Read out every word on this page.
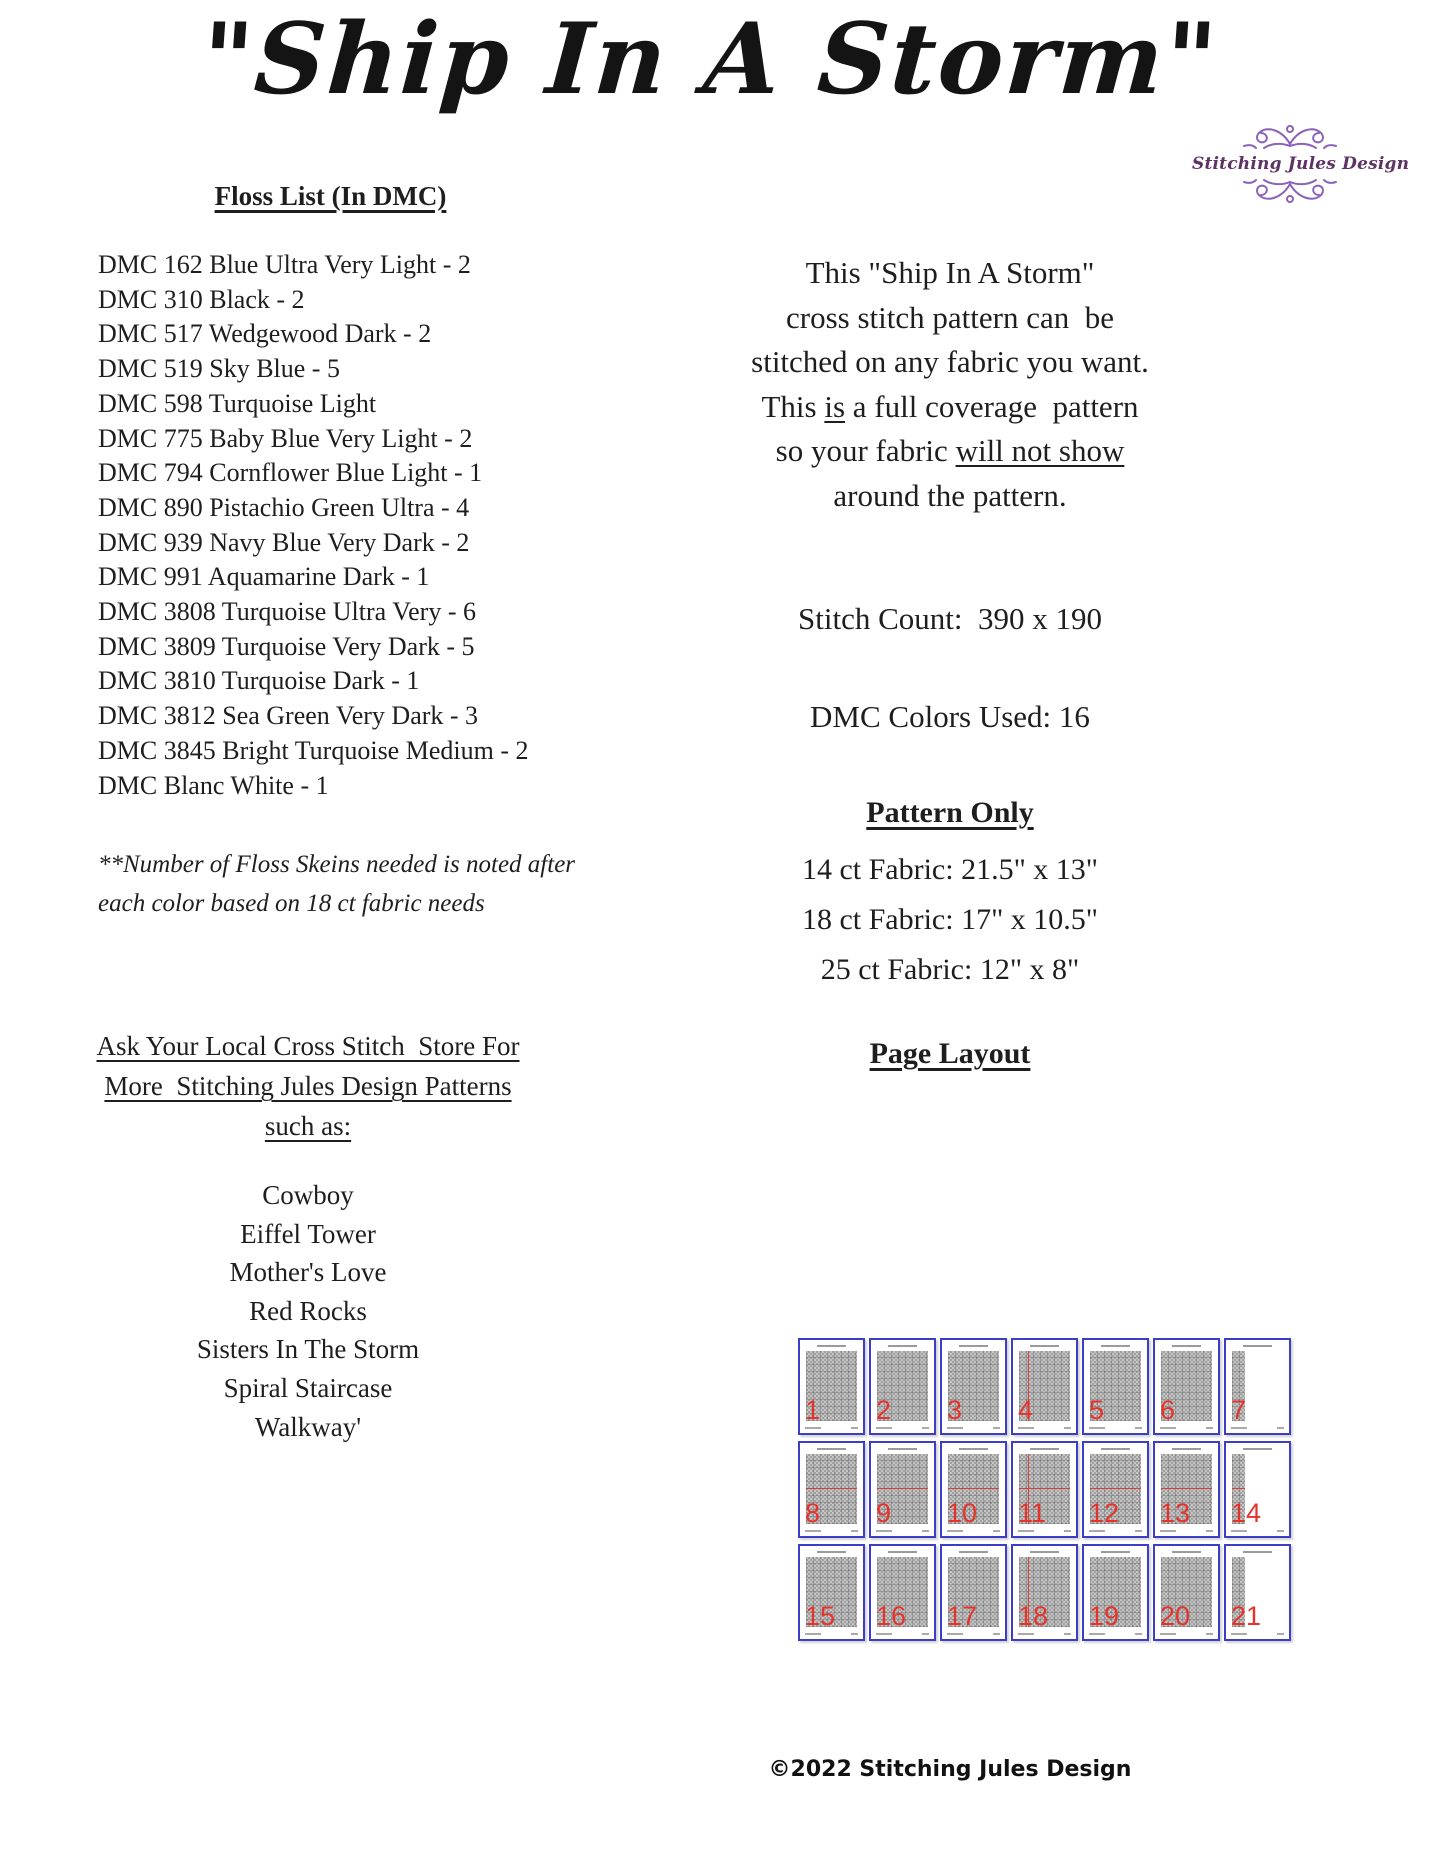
"Ship In A Storm"
Stitching Jules Design
Floss List (In DMC)
DMC 162 Blue Ultra Very Light - 2
DMC 310 Black - 2
DMC 517 Wedgewood Dark - 2
DMC 519 Sky Blue - 5
DMC 598 Turquoise Light
DMC 775 Baby Blue Very Light - 2
DMC 794 Cornflower Blue Light - 1
DMC 890 Pistachio Green Ultra - 4
DMC 939 Navy Blue Very Dark - 2
DMC 991 Aquamarine Dark - 1
DMC 3808 Turquoise Ultra Very - 6
DMC 3809 Turquoise Very Dark - 5
DMC 3810 Turquoise Dark - 1
DMC 3812 Sea Green Very Dark - 3
DMC 3845 Bright Turquoise Medium - 2
DMC Blanc White - 1
**Number of Floss Skeins needed is noted after
each color based on 18 ct fabric needs
Ask Your Local Cross Stitch  Store For
More  Stitching Jules Design Patterns
such as:
Cowboy
Eiffel Tower
Mother's Love
Red Rocks
Sisters In The Storm
Spiral Staircase
Walkway'
This "Ship In A Storm"
cross stitch pattern can  be
stitched on any fabric you want.
This is a full coverage  pattern
so your fabric will not show
around the pattern.
Stitch Count:  390 x 190
DMC Colors Used: 16
Pattern Only
14 ct Fabric: 21.5" x 13"
18 ct Fabric: 17" x 10.5"
25 ct Fabric: 12" x 8"
Page Layout
1 2 3 4 5 6 7
8 9 10 11 12 13 14
15 16 17 18 19 20 21
©2022 Stitching Jules Design
